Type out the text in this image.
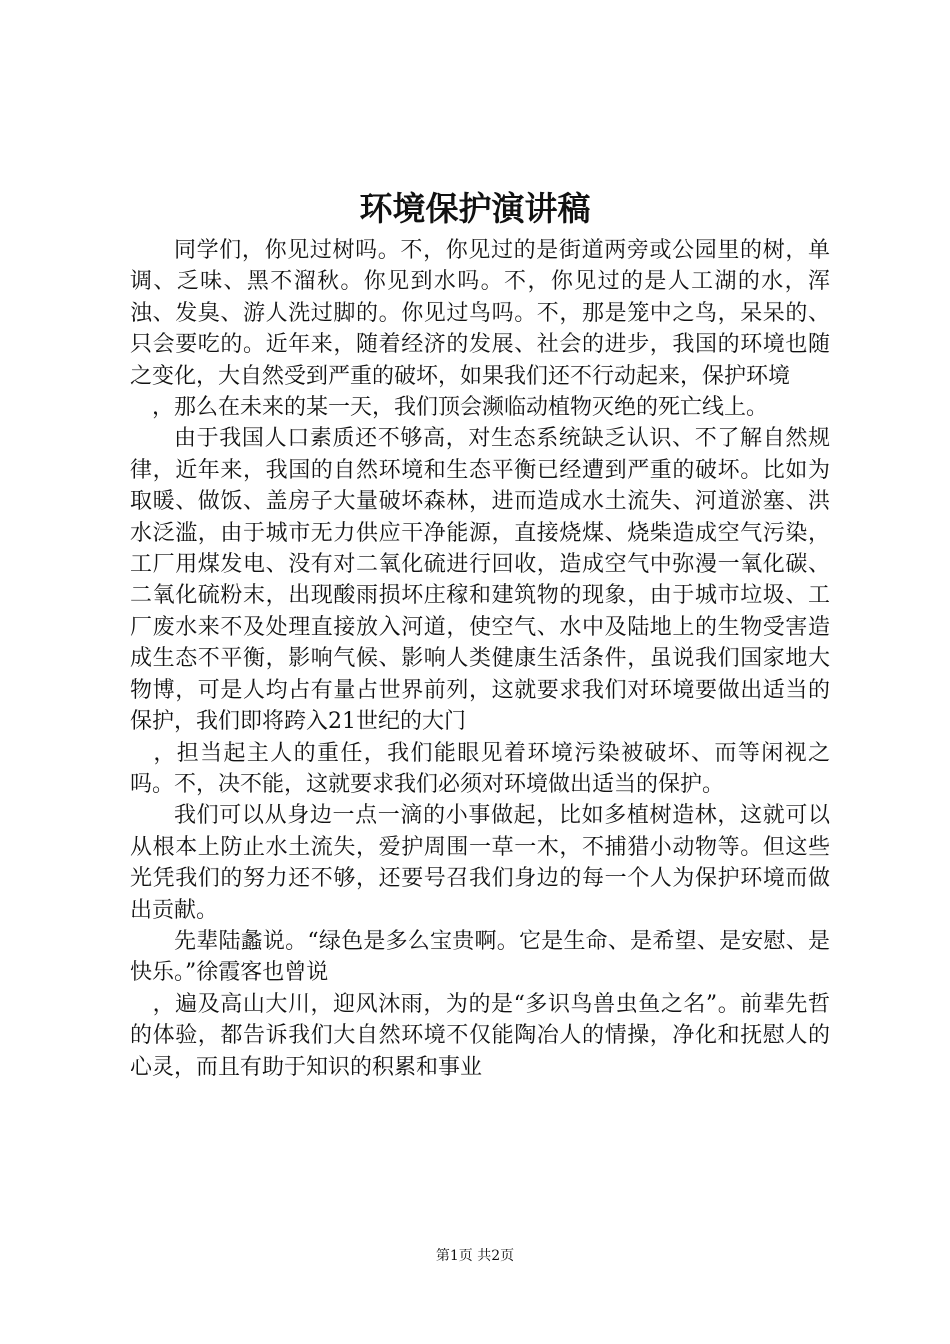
环境保护演讲稿

同学们，你见过树吗。不，你见过的是街道两旁或公园里的树，单调、乏味、黑不溜秋。你见到水吗。不，你见过的是人工湖的水，浑浊、发臭、游人洗过脚的。你见过鸟吗。不，那是笼中之鸟，呆呆的、只会要吃的。近年来，随着经济的发展、社会的进步，我国的环境也随之变化，大自然受到严重的破坏，如果我们还不行动起来，保护环境

　，那么在未来的某一天，我们顶会濒临动植物灭绝的死亡线上。

由于我国人口素质还不够高，对生态系统缺乏认识、不了解自然规律，近年来，我国的自然环境和生态平衡已经遭到严重的破坏。比如为取暖、做饭、盖房子大量破坏森林，进而造成水土流失、河道淤塞、洪水泛滥，由于城市无力供应干净能源，直接烧煤、烧柴造成空气污染，工厂用煤发电、没有对二氧化硫进行回收，造成空气中弥漫一氧化碳、二氧化硫粉末，出现酸雨损坏庄稼和建筑物的现象，由于城市垃圾、工厂废水来不及处理直接放入河道，使空气、水中及陆地上的生物受害造成生态不平衡，影响气候、影响人类健康生活条件，虽说我们国家地大物博，可是人均占有量占世界前列，这就要求我们对环境要做出适当的保护，我们即将跨入21世纪的大门

　，担当起主人的重任，我们能眼见着环境污染被破坏、而等闲视之吗。不，决不能，这就要求我们必须对环境做出适当的保护。

我们可以从身边一点一滴的小事做起，比如多植树造林，这就可以从根本上防止水土流失，爱护周围一草一木，不捕猎小动物等。但这些光凭我们的努力还不够，还要号召我们身边的每一个人为保护环境而做出贡献。

先辈陆蠡说。“绿色是多么宝贵啊。它是生命、是希望、是安慰、是快乐。”徐霞客也曾说

　，遍及高山大川，迎风沐雨，为的是“多识鸟兽虫鱼之名”。前辈先哲的体验，都告诉我们大自然环境不仅能陶冶人的情操，净化和抚慰人的心灵，而且有助于知识的积累和事业

第1页 共2页
